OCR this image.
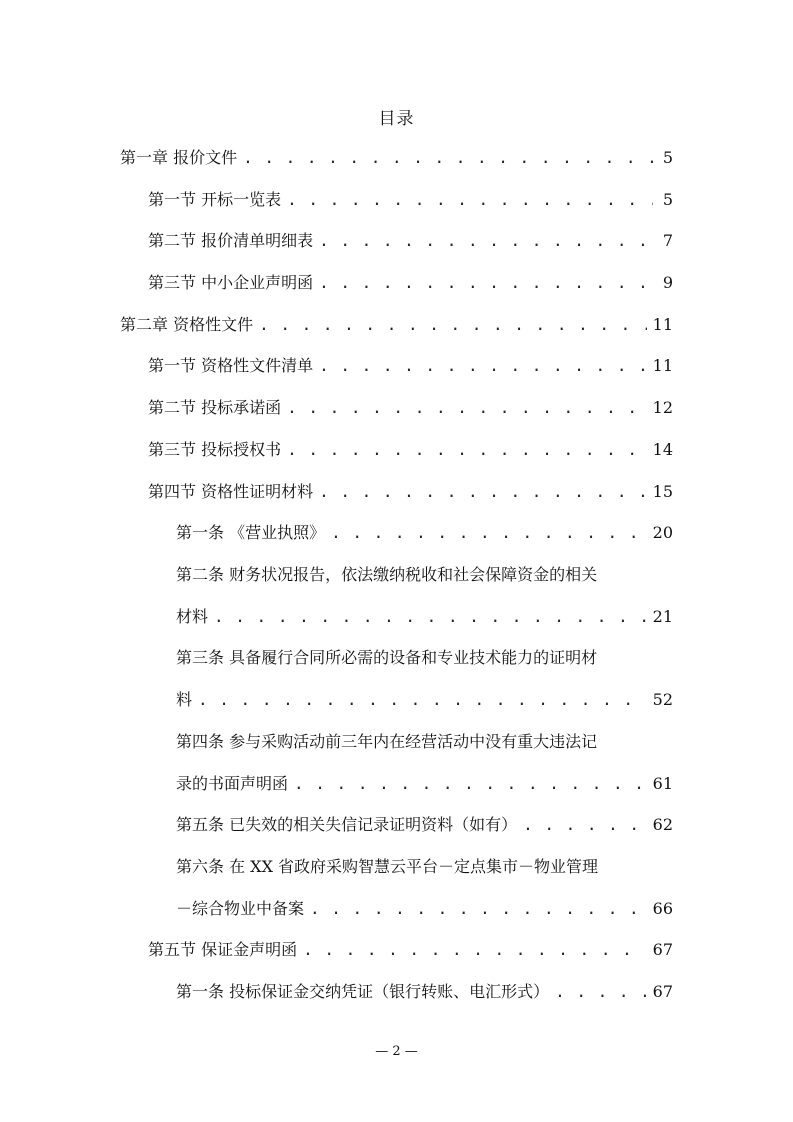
目录
第一章 报价文件 . . .	5
第一节 开标一览表 . . .	5
第二节 报价清单明细表 . . .	7
第三节 中小企业声明函 . . .	9
第二章 资格性文件 . . .	11
第一节 资格性文件清单 . . .	11
第二节 投标承诺函 . . .	12
第三节 投标授权书 . . .	14
第四节 资格性证明材料 . . .	15
第一条 《营业执照》 . . .	20
第二条 财务状况报告，依法缴纳税收和社会保障资金的相关
材料 . . .	21
第三条 具备履行合同所必需的设备和专业技术能力的证明材
料 . . .	52
第四条 参与采购活动前三年内在经营活动中没有重大违法记
录的书面声明函 . . .	61
第五条 已失效的相关失信记录证明资料（如有） . . .	62
第六条 在 XX 省政府采购智慧云平台－定点集市－物业管理
－综合物业中备案 . . .	66
第五节 保证金声明函 . . .	67
第一条 投标保证金交纳凭证（银行转账、电汇形式） . . .	67
— 2 —
